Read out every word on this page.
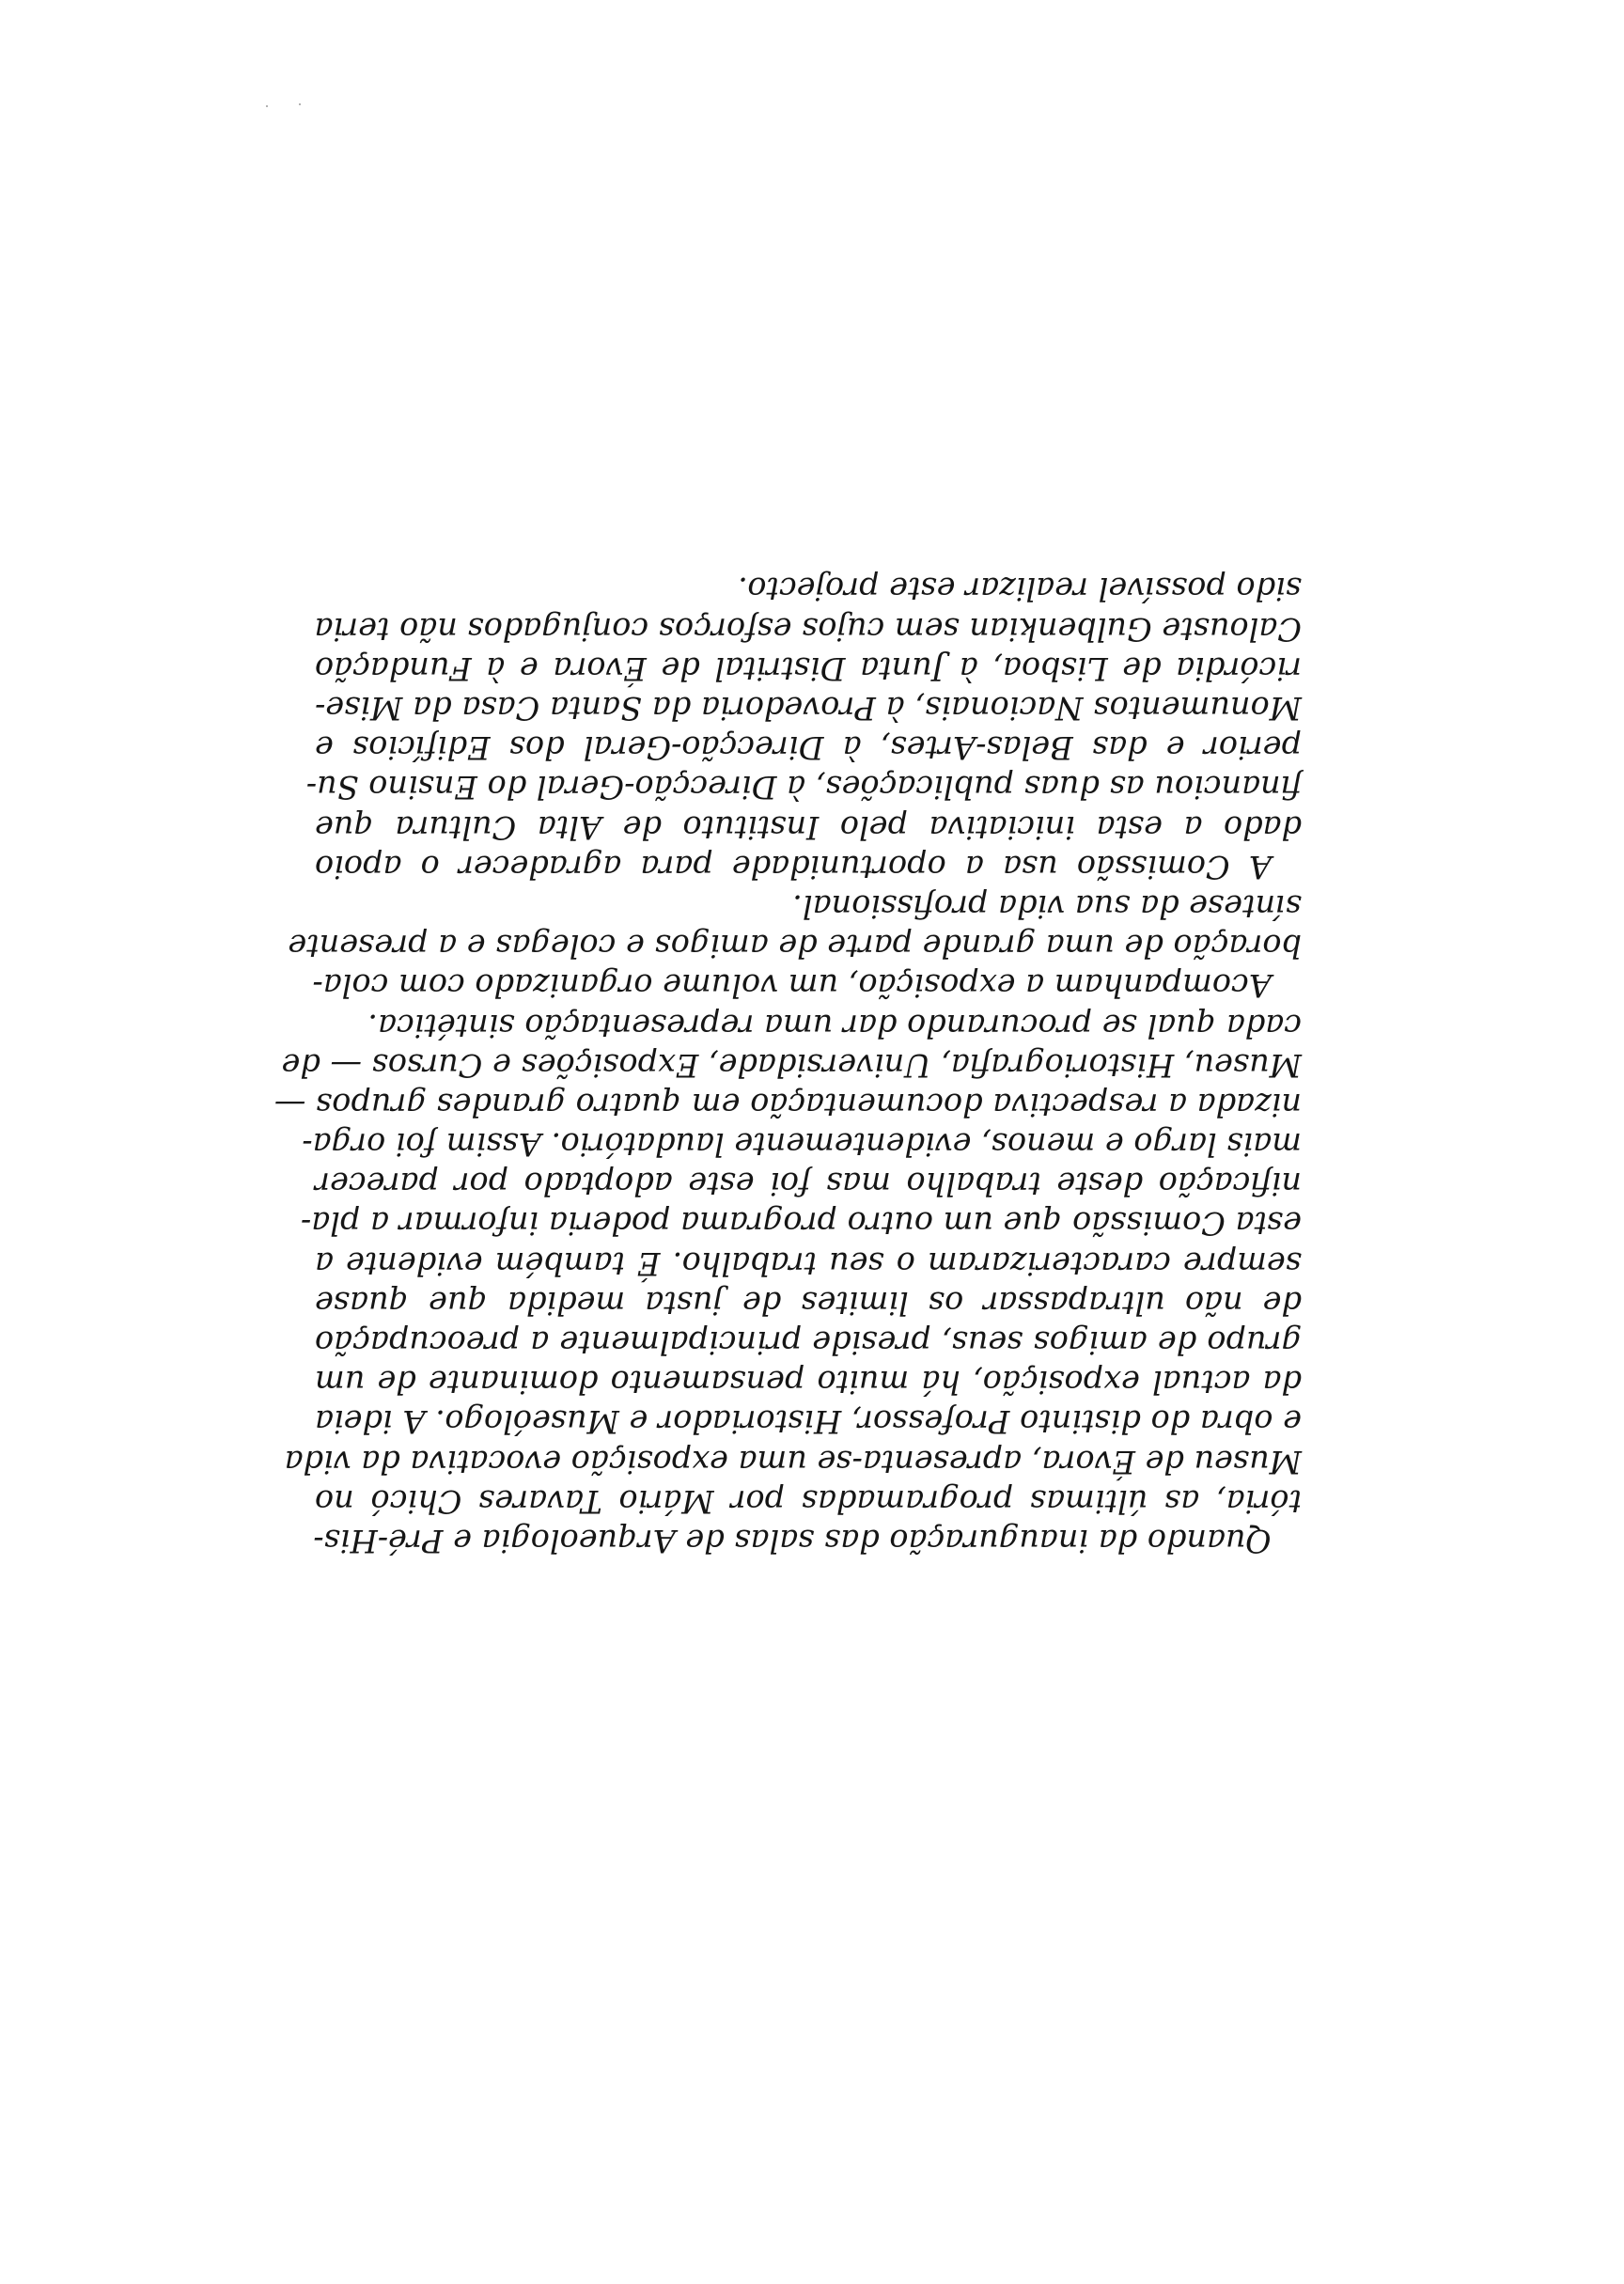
Quando da inauguração das salas de Arqueologia e Pré-His-
tória, as últimas programadas por Mário Tavares Chicó no
Museu de Évora, apresenta-se uma exposição evocativa da vida
e obra do distinto Professor, Historiador e Museólogo. A ideia
da actual exposição, há muito pensamento dominante de um
grupo de amigos seus, preside principalmente a preocupação
de não ultrapassar os limites de justa medida que quase
sempre caracterizaram o seu trabalho. É também evidente a
esta Comissão que um outro programa poderia informar a pla-
nificação deste trabalho mas foi este adoptado por parecer
mais largo e menos, evidentemente laudatório. Assim foi orga-
nizada a respectiva documentação em quatro grandes grupos —
Museu, Historiografia, Universidade, Exposições e Cursos — de
cada qual se procurando dar uma representação sintética.
Acompanham a exposição, um volume organizado com cola-
boração de uma grande parte de amigos e colegas e a presente
síntese da sua vida profissional.
A Comissão usa a oportunidade para agradecer o apoio
dado a esta iniciativa pelo Instituto de Alta Cultura que
financiou as duas publicações, à Direcção-Geral do Ensino Su-
perior e das Belas-Artes, à Direcção-Geral dos Edifícios e
Monumentos Nacionais, à Provedoria da Santa Casa da Mise-
ricórdia de Lisboa, à Junta Distrital de Évora e à Fundação
Calouste Gulbenkian sem cujos esforços conjugados não teria
sido possível realizar este projecto.
